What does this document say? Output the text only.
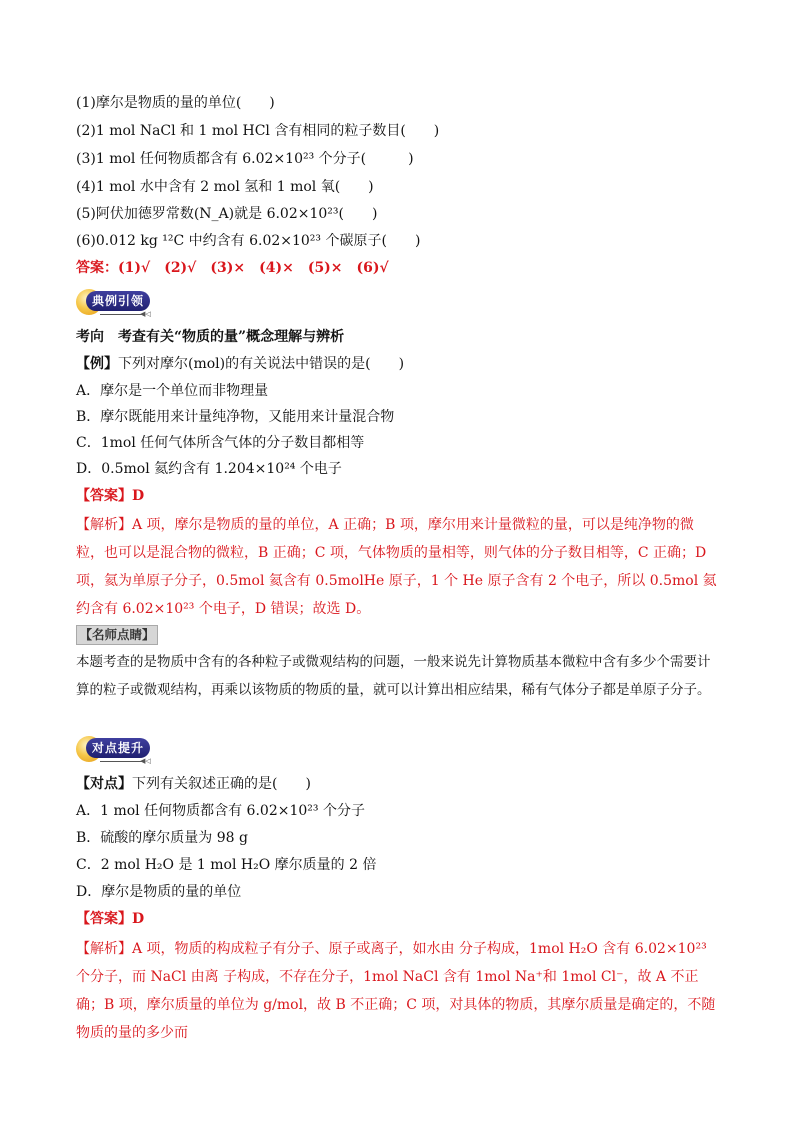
(1)摩尔是物质的量的单位(　　)
(2)1 mol NaCl 和 1 mol HCl 含有相同的粒子数目(　　)
(3)1 mol 任何物质都含有 6.02×10²³ 个分子(　　　)
(4)1 mol 水中含有 2 mol 氢和 1 mol 氧(　　)
(5)阿伏加德罗常数(N_A)就是 6.02×10²³(　　)
(6)0.012 kg ¹²C 中约含有 6.02×10²³ 个碳原子(　　)
答案：(1)√　(2)√　(3)×　(4)×　(5)×　(6)√
典例引领
◀◁
考向　考查有关“物质的量”概念理解与辨析
【例】下列对摩尔(mol)的有关说法中错误的是(　　)
A．摩尔是一个单位而非物理量
B．摩尔既能用来计量纯净物，又能用来计量混合物
C．1mol 任何气体所含气体的分子数目都相等
D．0.5mol 氦约含有 1.204×10²⁴ 个电子
【答案】D
【解析】A 项，摩尔是物质的量的单位，A 正确；B 项，摩尔用来计量微粒的量，可以是纯净物的微粒，也可以是混合物的微粒，B 正确；C 项，气体物质的量相等，则气体的分子数目相等，C 正确；D 项，氦为单原子分子，0.5mol 氦含有 0.5molHe 原子，1 个 He 原子含有 2 个电子，所以 0.5mol 氦约含有 6.02×10²³ 个电子，D 错误；故选 D。
【名师点睛】
本题考查的是物质中含有的各种粒子或微观结构的问题，一般来说先计算物质基本微粒中含有多少个需要计算的粒子或微观结构，再乘以该物质的物质的量，就可以计算出相应结果，稀有气体分子都是单原子分子。
对点提升
◀◁
【对点】下列有关叙述正确的是(　　)
A．1 mol 任何物质都含有 6.02×10²³ 个分子
B．硫酸的摩尔质量为 98 g
C．2 mol H₂O 是 1 mol H₂O 摩尔质量的 2 倍
D．摩尔是物质的量的单位
【答案】D
【解析】A 项，物质的构成粒子有分子、原子或离子，如水由 分子构成，1mol H₂O 含有 6.02×10²³ 个分子，而 NaCl 由离 子构成，不存在分子，1mol NaCl 含有 1mol Na⁺和 1mol Cl⁻，故 A 不正确；B 项，摩尔质量的单位为 g/mol，故 B 不正确；C 项，对具体的物质，其摩尔质量是确定的，不随物质的量的多少而
